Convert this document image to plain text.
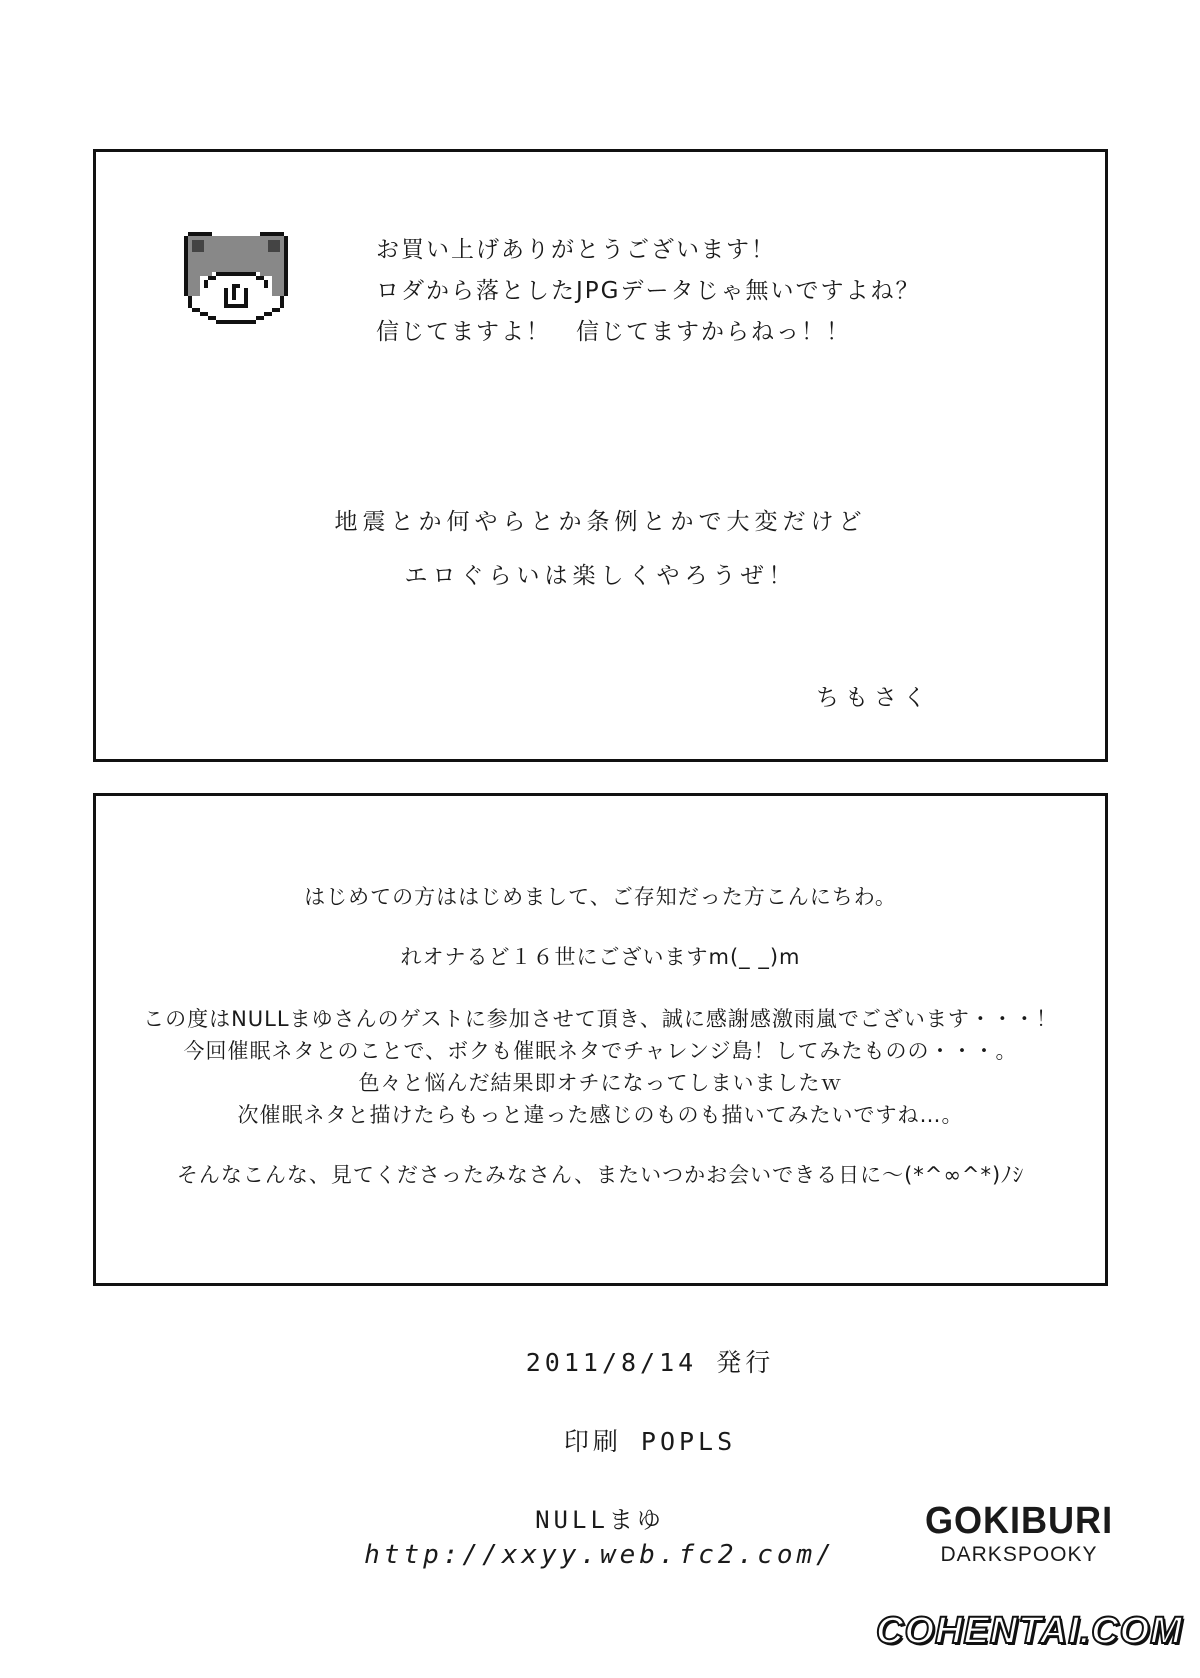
お買い上げありがとうございます！
ロダから落としたJPGデータじゃ無いですよね？
信じてますよ！　信じてますからねっ！！
地震とか何やらとか条例とかで大変だけど
エロぐらいは楽しくやろうぜ！
ちもさく
はじめての方ははじめまして、ご存知だった方こんにちわ。
れオナるど１６世にございますm(_ _)m
この度はNULLまゆさんのゲストに参加させて頂き、誠に感謝感激雨嵐でございます・・・！
今回催眠ネタとのことで、ボクも催眠ネタでチャレンジ島！してみたものの・・・。
色々と悩んだ結果即オチになってしまいましたｗ
次催眠ネタと描けたらもっと違った感じのものも描いてみたいですね…。
そんなこんな、見てくださったみなさん、またいつかお会いできる日に～(*^∞^*)ﾉｼ
2011/8/14 発行
印刷 POPLS
NULLまゆ
http://xxyy.web.fc2.com/
GOKIBURI
DARKSPOOKY
COHENTAI.COM
